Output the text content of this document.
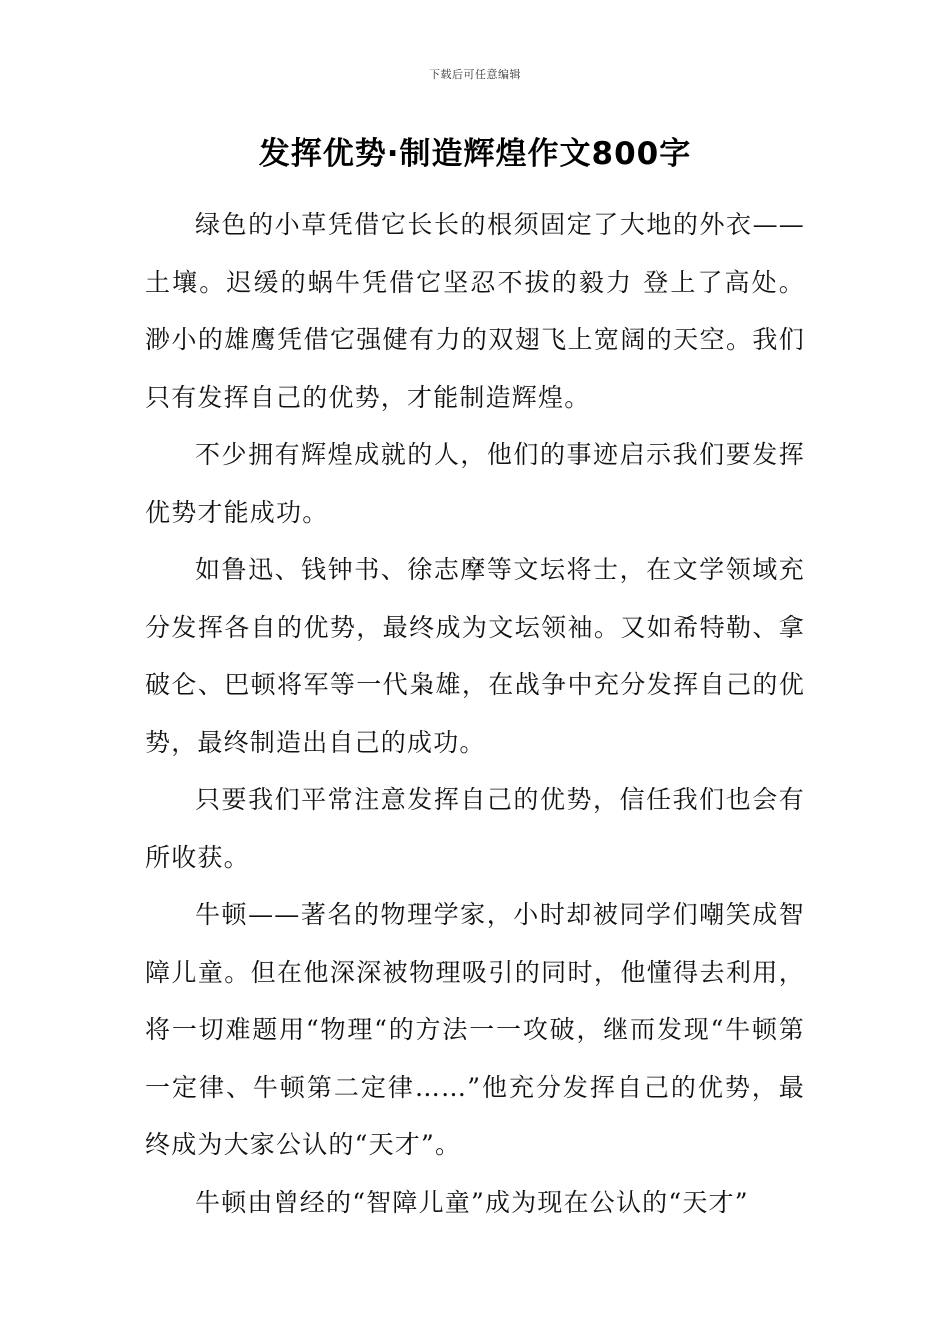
下载后可任意编辑
发挥优势·制造辉煌作文800字

绿色的小草凭借它长长的根须固定了大地的外衣——土壤。迟缓的蜗牛凭借它坚忍不拔的毅力 登上了高处。渺小的雄鹰凭借它强健有力的双翅飞上宽阔的天空。我们只有发挥自己的优势，才能制造辉煌。

不少拥有辉煌成就的人，他们的事迹启示我们要发挥优势才能成功。

如鲁迅、钱钟书、徐志摩等文坛将士，在文学领域充分发挥各自的优势，最终成为文坛领袖。又如希特勒、拿破仑、巴顿将军等一代枭雄，在战争中充分发挥自己的优势，最终制造出自己的成功。

只要我们平常注意发挥自己的优势，信任我们也会有所收获。

牛顿——著名的物理学家，小时却被同学们嘲笑成智障儿童。但在他深深被物理吸引的同时，他懂得去利用，将一切难题用“物理“的方法一一攻破，继而发现“牛顿第一定律、牛顿第二定律……”他充分发挥自己的优势，最终成为大家公认的“天才”。

牛顿由曾经的“智障儿童”成为现在公认的“天才”
